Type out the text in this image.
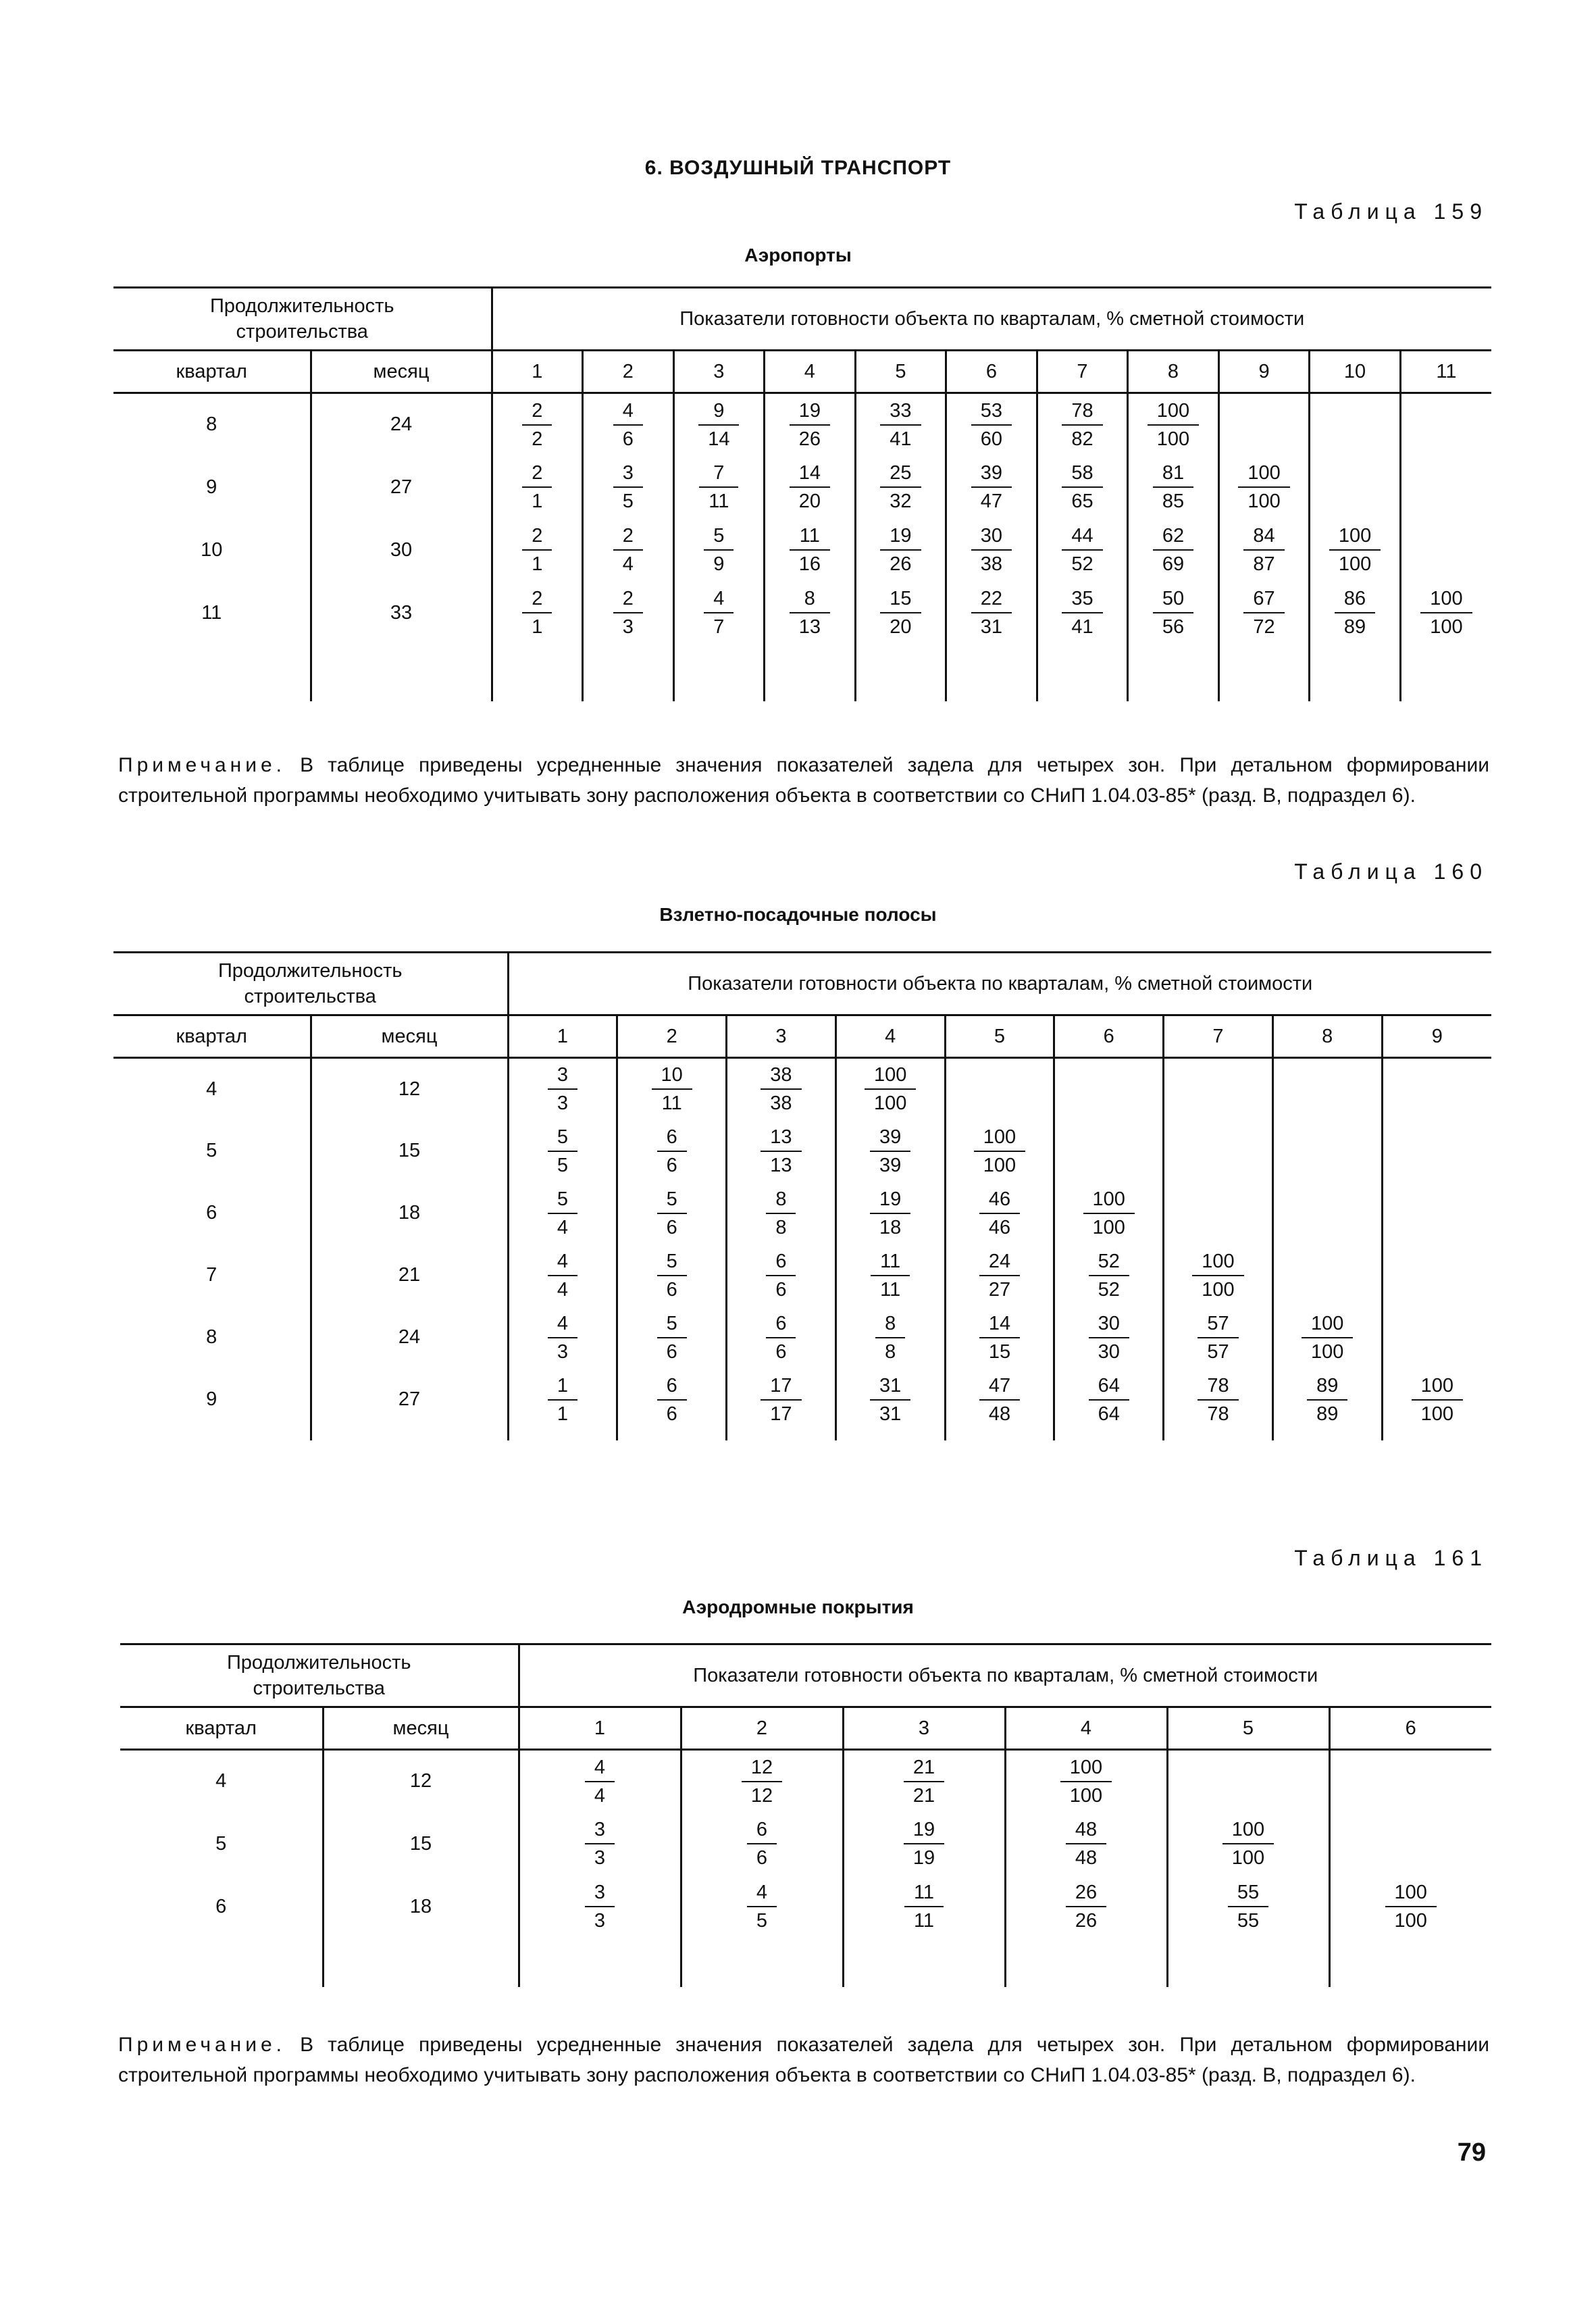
6. ВОЗДУШНЫЙ ТРАНСПОРТ
Таблица 159
Аэропорты
Продолжительность строительства		Показатели готовности объекта по кварталам, % сметной стоимости										
квартал	месяц	1	2	3	4	5	6	7	8	9	10	11
8	24	$\frac{2}{2}$	$\frac{4}{6}$	$\frac{9}{14}$	$\frac{19}{26}$	$\frac{33}{41}$	$\frac{53}{60}$	$\frac{78}{82}$	$\frac{100}{100}$

9	27	$\frac{2}{1}$	$\frac{3}{5}$	$\frac{7}{11}$	$\frac{14}{20}$	$\frac{25}{32}$	$\frac{39}{47}$	$\frac{58}{65}$	$\frac{81}{85}$	$\frac{100}{100}$

10	30	$\frac{2}{1}$	$\frac{2}{4}$	$\frac{5}{9}$	$\frac{11}{16}$	$\frac{19}{26}$	$\frac{30}{38}$	$\frac{44}{52}$	$\frac{62}{69}$	$\frac{84}{87}$	$\frac{100}{100}$

11	33	$\frac{2}{1}$	$\frac{2}{3}$	$\frac{4}{7}$	$\frac{8}{13}$	$\frac{15}{20}$	$\frac{22}{31}$	$\frac{35}{41}$	$\frac{50}{56}$	$\frac{67}{72}$	$\frac{86}{89}$	$\frac{100}{100}$

Примечание. В таблице приведены усредненные значения показателей задела для четырех зон. При детальном формировании строительной программы необходимо учитывать зону расположения объекта в соответствии со СНиП 1.04.03-85* (разд. В, подраздел 6).
Таблица 160
Взлетно-посадочные полосы
Продолжительность строительства		Показатели готовности объекта по кварталам, % сметной стоимости								
квартал	месяц	1	2	3	4	5	6	7	8	9
4	12	$\frac{3}{3}$	$\frac{10}{11}$	$\frac{38}{38}$	$\frac{100}{100}$

5	15	$\frac{5}{5}$	$\frac{6}{6}$	$\frac{13}{13}$	$\frac{39}{39}$	$\frac{100}{100}$

6	18	$\frac{5}{4}$	$\frac{5}{6}$	$\frac{8}{8}$	$\frac{19}{18}$	$\frac{46}{46}$	$\frac{100}{100}$

7	21	$\frac{4}{4}$	$\frac{5}{6}$	$\frac{6}{6}$	$\frac{11}{11}$	$\frac{24}{27}$	$\frac{52}{52}$	$\frac{100}{100}$

8	24	$\frac{4}{3}$	$\frac{5}{6}$	$\frac{6}{6}$	$\frac{8}{8}$	$\frac{14}{15}$	$\frac{30}{30}$	$\frac{57}{57}$	$\frac{100}{100}$

9	27	$\frac{1}{1}$	$\frac{6}{6}$	$\frac{17}{17}$	$\frac{31}{31}$	$\frac{47}{48}$	$\frac{64}{64}$	$\frac{78}{78}$	$\frac{89}{89}$	$\frac{100}{100}$

Таблица 161
Аэродромные покрытия
Продолжительность строительства		Показатели готовности объекта по кварталам, % сметной стоимости					
квартал	месяц	1	2	3	4	5	6
4	12	$\frac{4}{4}$	$\frac{12}{12}$	$\frac{21}{21}$	$\frac{100}{100}$

5	15	$\frac{3}{3}$	$\frac{6}{6}$	$\frac{19}{19}$	$\frac{48}{48}$	$\frac{100}{100}$

6	18	$\frac{3}{3}$	$\frac{4}{5}$	$\frac{11}{11}$	$\frac{26}{26}$	$\frac{55}{55}$	$\frac{100}{100}$

Примечание. В таблице приведены усредненные значения показателей задела для четырех зон. При детальном формировании строительной программы необходимо учитывать зону расположения объекта в соответствии со СНиП 1.04.03-85* (разд. В, подраздел 6).
79
